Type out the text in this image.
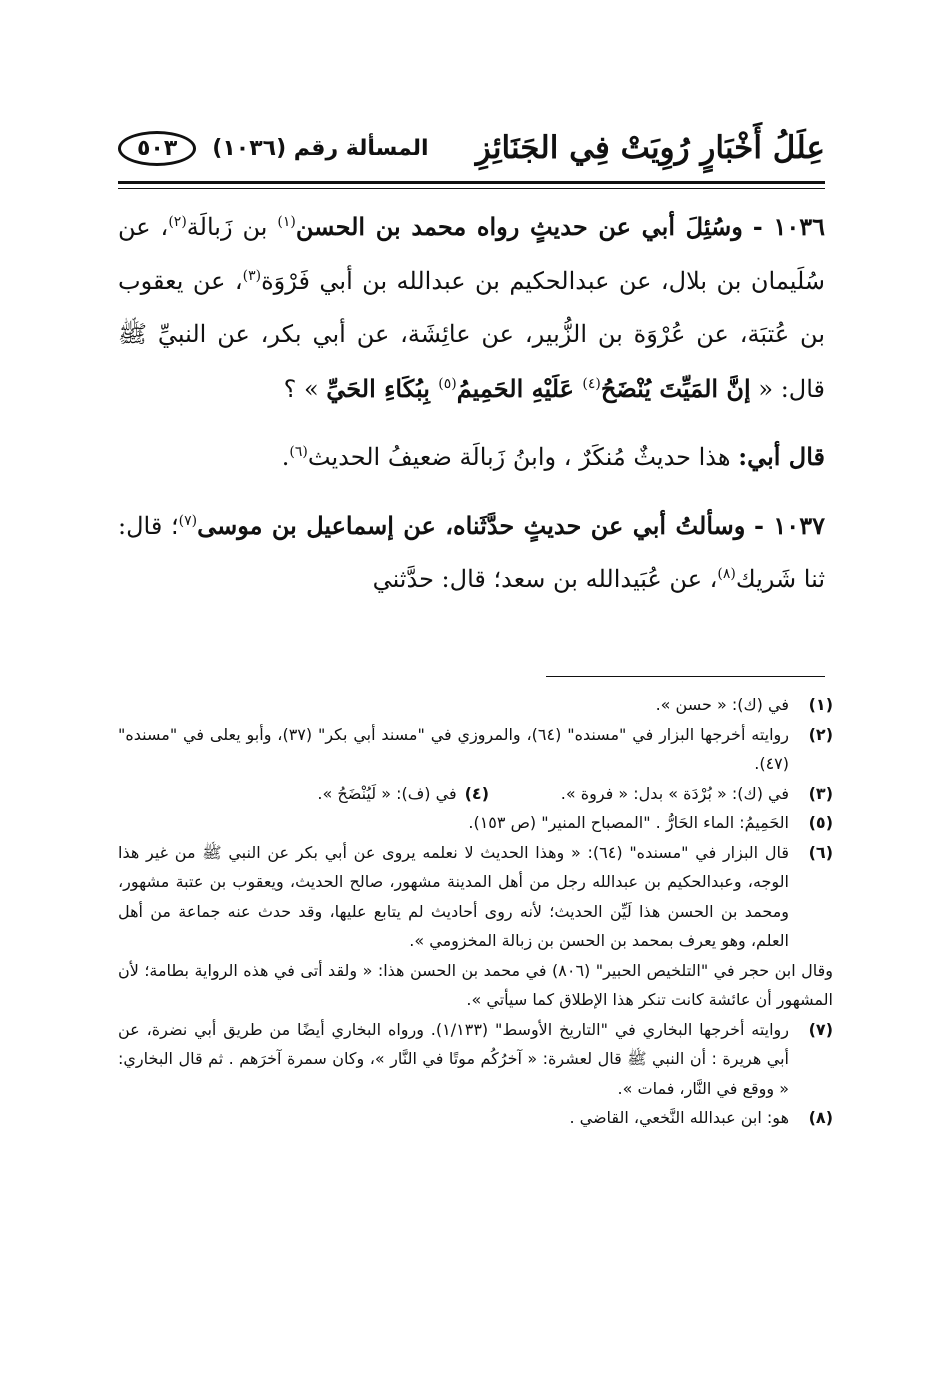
عِلَلُ أَخْبَارٍ رُوِيَتْ فِي الجَنَائِزِ
المسألة رقم (١٠٣٦)
٥٠٣

١٠٣٦ - وسُئِلَ أبي عن حديثٍ رواه محمد بن الحسن$^{(١)}$ بن زَبالَة$^{(٢)}$، عن سُلَيمان بن بلال، عن عبدالحكيم بن عبدالله بن أبي فَرْوَة$^{(٣)}$، عن يعقوب بن عُتبَة، عن عُرْوَة بن الزُّبير، عن عائِشَة، عن أبي بكر، عن النبيِّ ﷺ قال: « إنَّ المَيِّتَ يُنْضَحُ$^{(٤)}$ عَلَيْهِ الحَمِيمُ$^{(٥)}$ بِبُكَاءِ الحَيِّ » ؟

قال أبي: هذا حديثٌ مُنكَرٌ ، وابنُ زَبالَة ضعيفُ الحديث$^{(٦)}$.

١٠٣٧ - وسألتُ أبي عن حديثٍ حدَّثَناه، عن إسماعيل بن موسى$^{(٧)}$؛ قال: ثنا شَريك$^{(٨)}$، عن عُبَيدالله بن سعد؛ قال: حدَّثني

(١)
في (ك): « حسن ».
(٢)
روايته أخرجها البزار في "مسنده" (٦٤)، والمروزي في "مسند أبي بكر" (٣٧)، وأبو يعلى في "مسنده" (٤٧).
(٣)
في (ك): « بُرْدَة » بدل: « فروة ».
(٤)
في (ف): « لَيُنْضَحُ ».
(٥)
الحَمِيمُ: الماء الحَارُّ . "المصباح المنير" (ص ١٥٣).
(٦)
قال البزار في "مسنده" (٦٤): « وهذا الحديث لا نعلمه يروى عن أبي بكر عن النبي ﷺ من غير هذا الوجه، وعبدالحكيم بن عبدالله رجل من أهل المدينة مشهور، صالح الحديث، ويعقوب بن عتبة مشهور، ومحمد بن الحسن هذا لَيِّن الحديث؛ لأنه روى أحاديث لم يتابع عليها، وقد حدث عنه جماعة من أهل العلم، وهو يعرف بمحمد بن الحسن بن زبالة المخزومي ».
وقال ابن حجر في "التلخيص الحبير" (٨٠٦) في محمد بن الحسن هذا: « ولقد أتى في هذه الرواية بطامة؛ لأن المشهور أن عائشة كانت تنكر هذا الإطلاق كما سيأتي ».
(٧)
روايته أخرجها البخاري في "التاريخ الأوسط" (١/١٣٣). ورواه البخاري أيضًا من طريق أبي نضرة، عن أبي هريرة : أن النبي ﷺ قال لعشرة: « آخرُكُم موتًا في النَّار »، وكان سمرة آخرَهم . ثم قال البخاري: « ووقع في النَّار، فمات ».
(٨)
هو: ابن عبدالله النَّخعي، القاضي .
